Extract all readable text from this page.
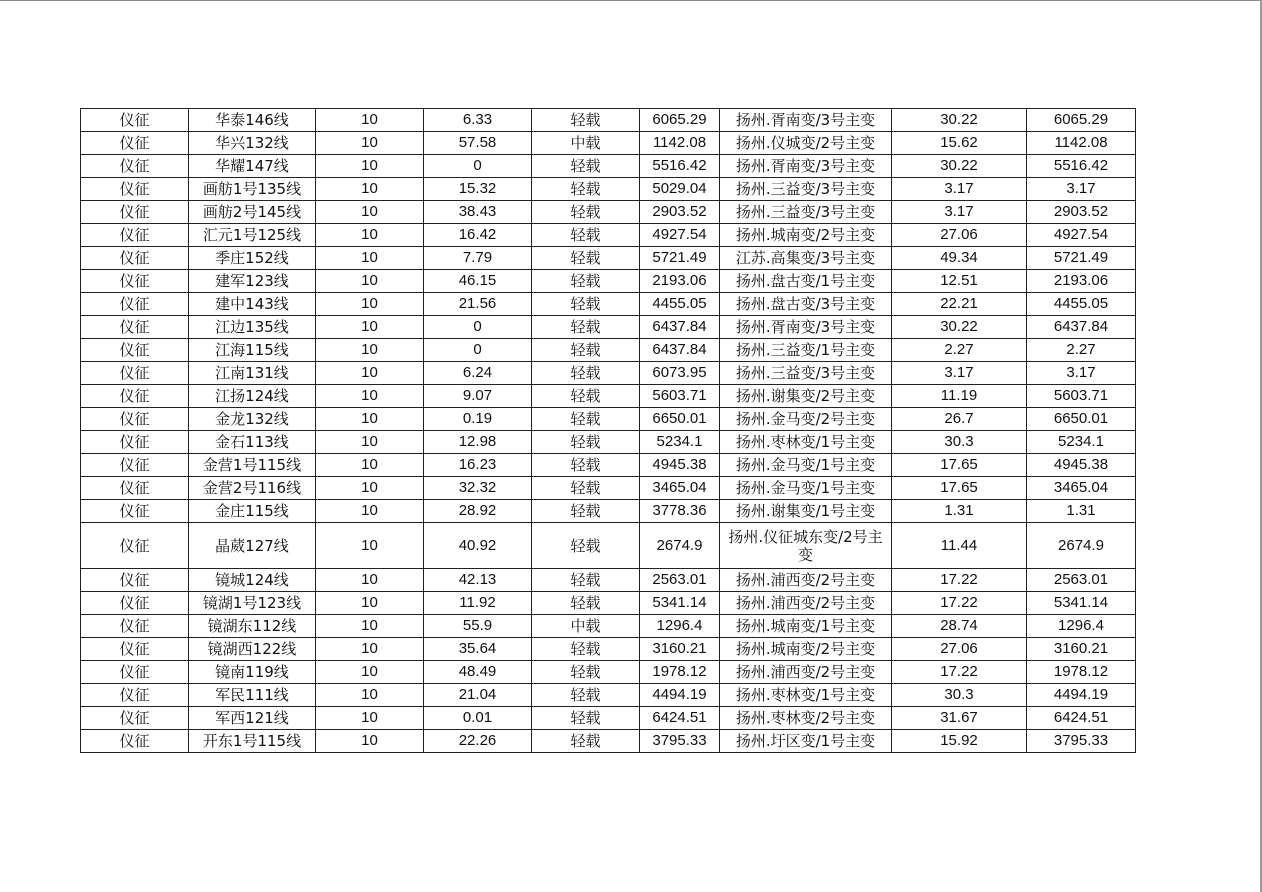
仪征	华泰146线	10	6.33	轻载	6065.29	扬州.胥南变/3号主变	30.22	6065.29
仪征	华兴132线	10	57.58	中载	1142.08	扬州.仪城变/2号主变	15.62	1142.08
仪征	华耀147线	10	0	轻载	5516.42	扬州.胥南变/3号主变	30.22	5516.42
仪征	画舫1号135线	10	15.32	轻载	5029.04	扬州.三益变/3号主变	3.17	3.17
仪征	画舫2号145线	10	38.43	轻载	2903.52	扬州.三益变/3号主变	3.17	2903.52
仪征	汇元1号125线	10	16.42	轻载	4927.54	扬州.城南变/2号主变	27.06	4927.54
仪征	季庄152线	10	7.79	轻载	5721.49	江苏.高集变/3号主变	49.34	5721.49
仪征	建军123线	10	46.15	轻载	2193.06	扬州.盘古变/1号主变	12.51	2193.06
仪征	建中143线	10	21.56	轻载	4455.05	扬州.盘古变/3号主变	22.21	4455.05
仪征	江边135线	10	0	轻载	6437.84	扬州.胥南变/3号主变	30.22	6437.84
仪征	江海115线	10	0	轻载	6437.84	扬州.三益变/1号主变	2.27	2.27
仪征	江南131线	10	6.24	轻载	6073.95	扬州.三益变/3号主变	3.17	3.17
仪征	江扬124线	10	9.07	轻载	5603.71	扬州.谢集变/2号主变	11.19	5603.71
仪征	金龙132线	10	0.19	轻载	6650.01	扬州.金马变/2号主变	26.7	6650.01
仪征	金石113线	10	12.98	轻载	5234.1	扬州.枣林变/1号主变	30.3	5234.1
仪征	金营1号115线	10	16.23	轻载	4945.38	扬州.金马变/1号主变	17.65	4945.38
仪征	金营2号116线	10	32.32	轻载	3465.04	扬州.金马变/1号主变	17.65	3465.04
仪征	金庄115线	10	28.92	轻载	3778.36	扬州.谢集变/1号主变	1.31	1.31
仪征	晶葳127线	10	40.92	轻载	2674.9	扬州.仪征城东变/2号主变	11.44	2674.9
仪征	镜城124线	10	42.13	轻载	2563.01	扬州.浦西变/2号主变	17.22	2563.01
仪征	镜湖1号123线	10	11.92	轻载	5341.14	扬州.浦西变/2号主变	17.22	5341.14
仪征	镜湖东112线	10	55.9	中载	1296.4	扬州.城南变/1号主变	28.74	1296.4
仪征	镜湖西122线	10	35.64	轻载	3160.21	扬州.城南变/2号主变	27.06	3160.21
仪征	镜南119线	10	48.49	轻载	1978.12	扬州.浦西变/2号主变	17.22	1978.12
仪征	军民111线	10	21.04	轻载	4494.19	扬州.枣林变/1号主变	30.3	4494.19
仪征	军西121线	10	0.01	轻载	6424.51	扬州.枣林变/2号主变	31.67	6424.51
仪征	开东1号115线	10	22.26	轻载	3795.33	扬州.圩区变/1号主变	15.92	3795.33
